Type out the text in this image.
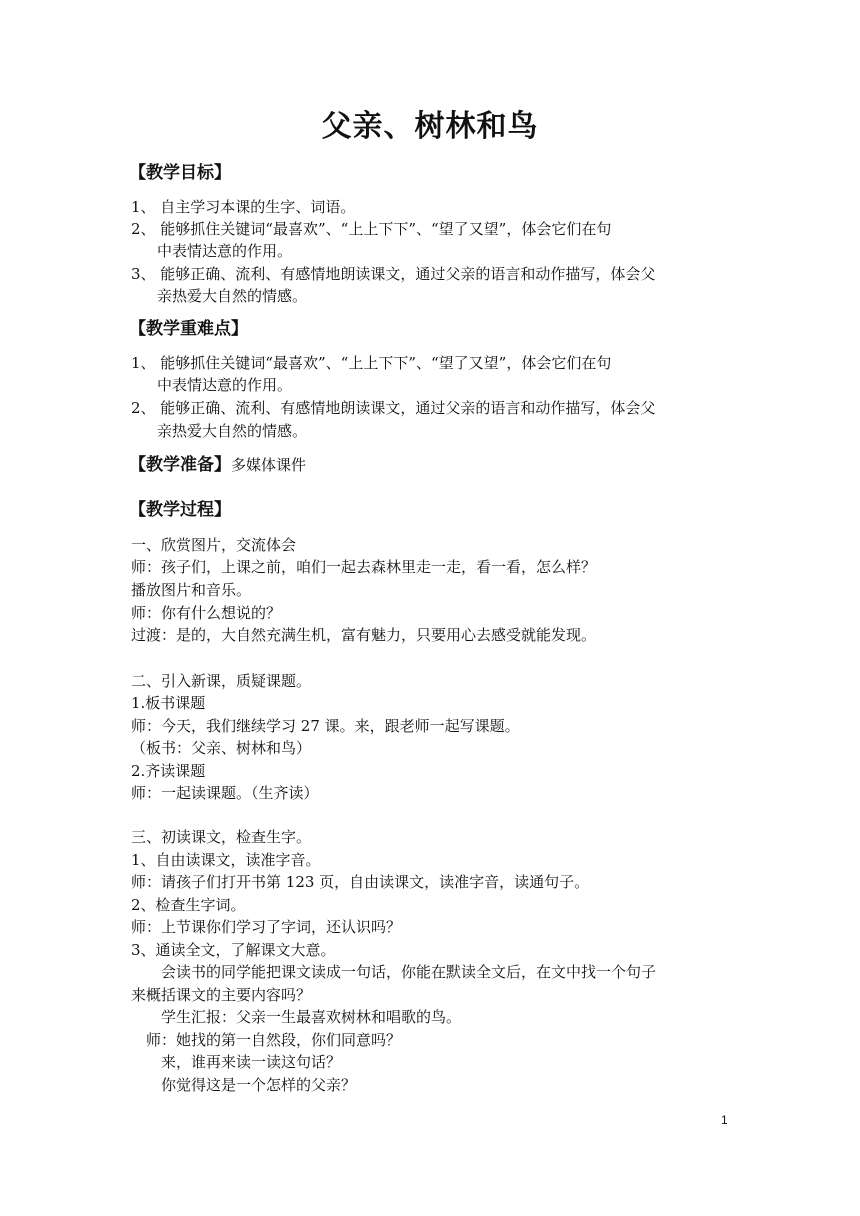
父亲、树林和鸟
【教学目标】
1、 自主学习本课的生字、词语。
2、 能够抓住关键词“最喜欢”、“上上下下”、“望了又望”，体会它们在句
中表情达意的作用。
3、 能够正确、流利、有感情地朗读课文，通过父亲的语言和动作描写，体会父
亲热爱大自然的情感。
【教学重难点】
1、 能够抓住关键词“最喜欢”、“上上下下”、“望了又望”，体会它们在句
中表情达意的作用。
2、 能够正确、流利、有感情地朗读课文，通过父亲的语言和动作描写，体会父
亲热爱大自然的情感。
【教学准备】多媒体课件
【教学过程】
一、欣赏图片，交流体会
师：孩子们，上课之前，咱们一起去森林里走一走，看一看，怎么样？
播放图片和音乐。
师：你有什么想说的？
过渡：是的，大自然充满生机，富有魅力，只要用心去感受就能发现。
二、引入新课，质疑课题。
1.板书课题
师：今天，我们继续学习 27 课。来，跟老师一起写课题。
（板书：父亲、树林和鸟）
2.齐读课题
师：一起读课题。（生齐读）
三、初读课文，检查生字。
1、自由读课文，读准字音。
师：请孩子们打开书第 123 页，自由读课文，读准字音，读通句子。
2、检查生字词。
师：上节课你们学习了字词，还认识吗？
3、通读全文，了解课文大意。
会读书的同学能把课文读成一句话，你能在默读全文后，在文中找一个句子
来概括课文的主要内容吗？
学生汇报：父亲一生最喜欢树林和唱歌的鸟。
师：她找的第一自然段，你们同意吗？
来，谁再来读一读这句话？
你觉得这是一个怎样的父亲？
1
